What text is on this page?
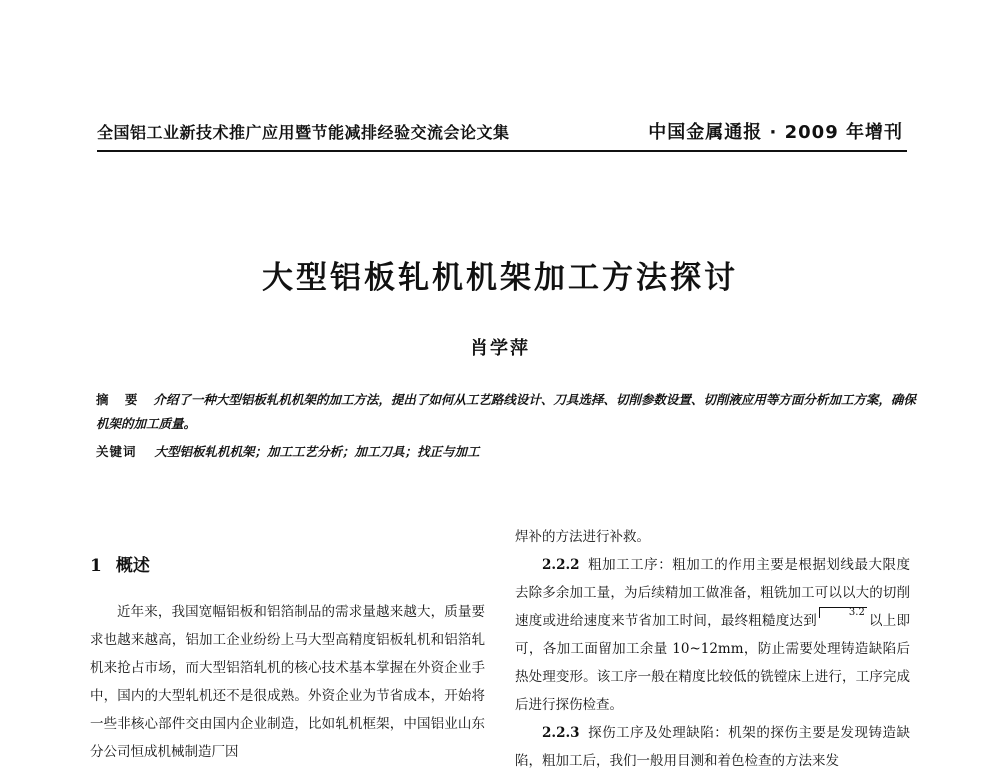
全国铝工业新技术推广应用暨节能减排经验交流会论文集	中国金属通报 · 2009 年增刊
大型铝板轧机机架加工方法探讨
肖学萍
摘 要 介绍了一种大型铝板轧机机架的加工方法，提出了如何从工艺路线设计、刀具选择、切削参数设置、切削液应用等方面分析加工方案，确保机架的加工质量。
关键词 大型铝板轧机机架；加工工艺分析；加工刀具；找正与加工
1 概述

近年来，我国宽幅铝板和铝箔制品的需求量越来越大，质量要求也越来越高，铝加工企业纷纷上马大型高精度铝板轧机和铝箔轧机来抢占市场，而大型铝箔轧机的核心技术基本掌握在外资企业手中，国内的大型轧机还不是很成熟。外资企业为节省成本，开始将一些非核心部件交由国内企业制造，比如轧机框架，中国铝业山东分公司恒成机械制造厂因

焊补的方法进行补救。

2.2.2 粗加工工序：粗加工的作用主要是根据划线最大限度去除多余加工量，为后续精加工做准备，粗铣加工可以以大的切削速度或进给速度来节省加工时间，最终粗糙度达到3.2以上即可，各加工面留加工余量 10~12mm，防止需要处理铸造缺陷后热处理变形。该工序一般在精度比较低的铣镗床上进行，工序完成后进行探伤检查。

2.2.3 探伤工序及处理缺陷：机架的探伤主要是发现铸造缺陷，粗加工后，我们一般用目测和着色检查的方法来发
